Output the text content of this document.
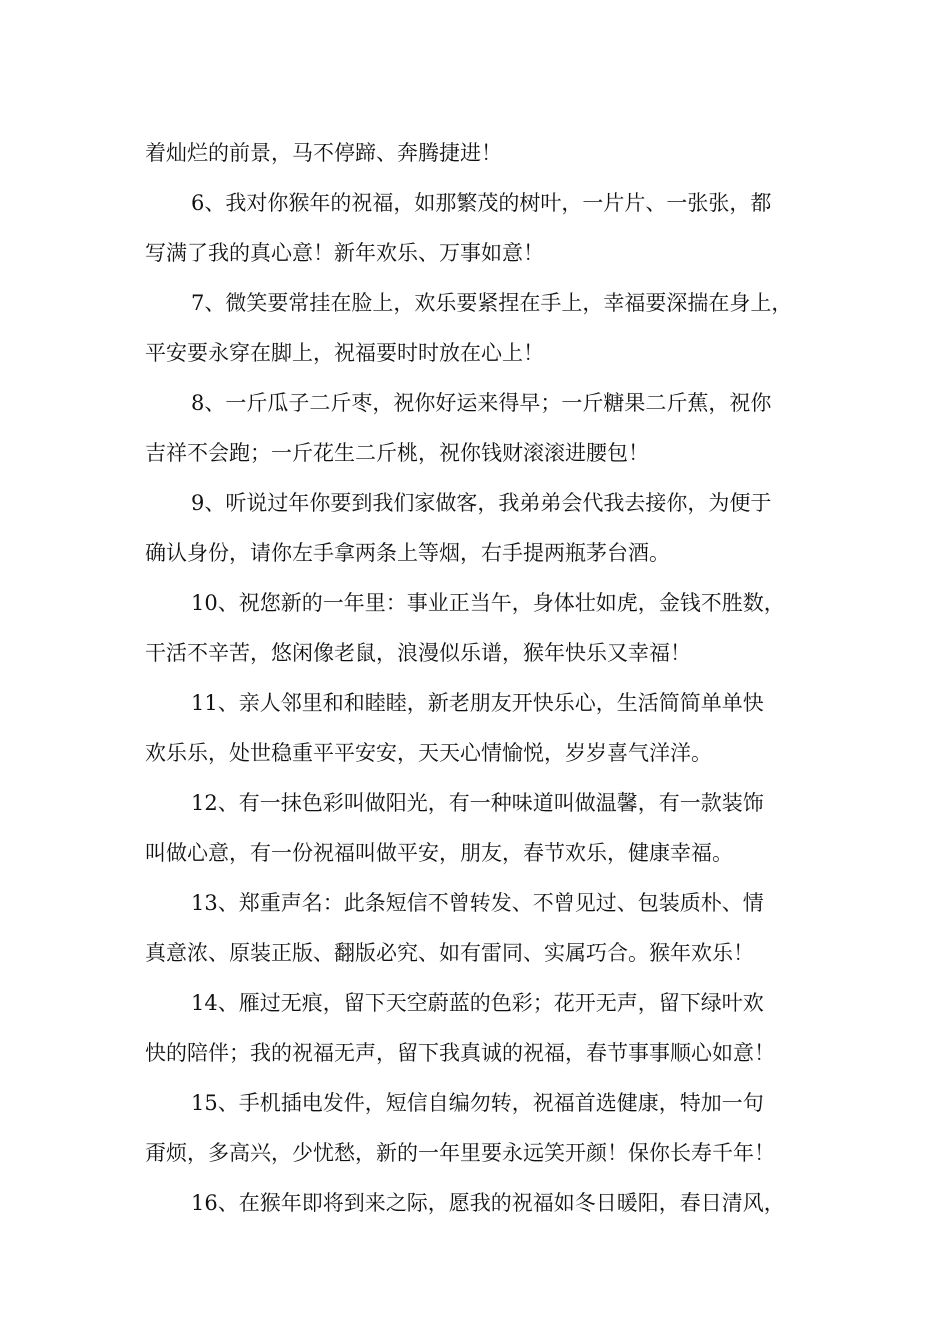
着灿烂的前景，马不停蹄、奔腾捷进！
6、我对你猴年的祝福，如那繁茂的树叶，一片片、一张张，都
写满了我的真心意！新年欢乐、万事如意！
7、微笑要常挂在脸上，欢乐要紧捏在手上，幸福要深揣在身上，
平安要永穿在脚上，祝福要时时放在心上！
8、一斤瓜子二斤枣，祝你好运来得早；一斤糖果二斤蕉，祝你
吉祥不会跑；一斤花生二斤桃，祝你钱财滚滚进腰包！
9、听说过年你要到我们家做客，我弟弟会代我去接你，为便于
确认身份，请你左手拿两条上等烟，右手提两瓶茅台酒。
10、祝您新的一年里：事业正当午，身体壮如虎，金钱不胜数，
干活不辛苦，悠闲像老鼠，浪漫似乐谱，猴年快乐又幸福！
11、亲人邻里和和睦睦，新老朋友开快乐心，生活简简单单快
欢乐乐，处世稳重平平安安，天天心情愉悦，岁岁喜气洋洋。
12、有一抹色彩叫做阳光，有一种味道叫做温馨，有一款装饰
叫做心意，有一份祝福叫做平安，朋友，春节欢乐，健康幸福。
13、郑重声名：此条短信不曾转发、不曾见过、包装质朴、情
真意浓、原装正版、翻版必究、如有雷同、实属巧合。猴年欢乐！
14、雁过无痕，留下天空蔚蓝的色彩；花开无声，留下绿叶欢
快的陪伴；我的祝福无声，留下我真诚的祝福，春节事事顺心如意！
15、手机插电发件，短信自编勿转，祝福首选健康，特加一句
甭烦，多高兴，少忧愁，新的一年里要永远笑开颜！保你长寿千年！
16、在猴年即将到来之际，愿我的祝福如冬日暖阳，春日清风，
